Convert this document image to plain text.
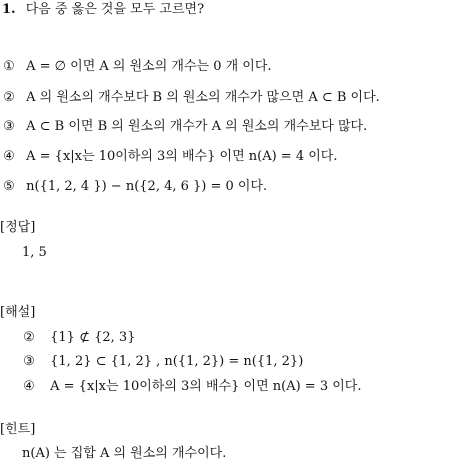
1. 다음 중 옳은 것을 모두 고르면?
① A = ∅ 이면 A 의 원소의 개수는 0 개 이다.
② A 의 원소의 개수보다 B 의 원소의 개수가 많으면 A ⊂ B 이다.
③ A ⊂ B 이면 B 의 원소의 개수가 A 의 원소의 개수보다 많다.
④ A = {x|x는 10이하의 3의 배수} 이면 n(A) = 4 이다.
⑤ n({1, 2, 4 }) − n({2, 4, 6 }) = 0 이다.
[정답]
1, 5
[해설]
② {1} ⊄ {2, 3}
③ {1, 2} ⊂ {1, 2} , n({1, 2}) = n({1, 2})
④ A = {x|x는 10이하의 3의 배수} 이면 n(A) = 3 이다.
[힌트]
n(A) 는 집합 A 의 원소의 개수이다.
